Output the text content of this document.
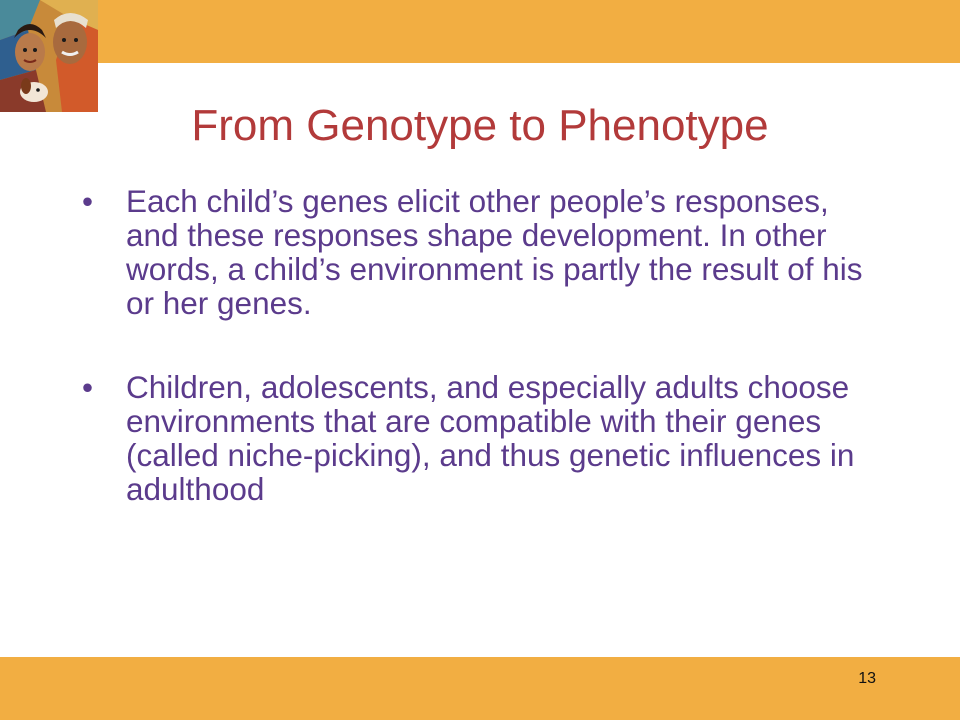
From Genotype to Phenotype
• Each child’s genes elicit other people’s responses, and these responses shape development. In other words, a child’s environment is partly the result of his or her genes.
• Children, adolescents, and especially adults choose environments that are compatible with their genes (called niche-picking), and thus genetic influences in adulthood
13
